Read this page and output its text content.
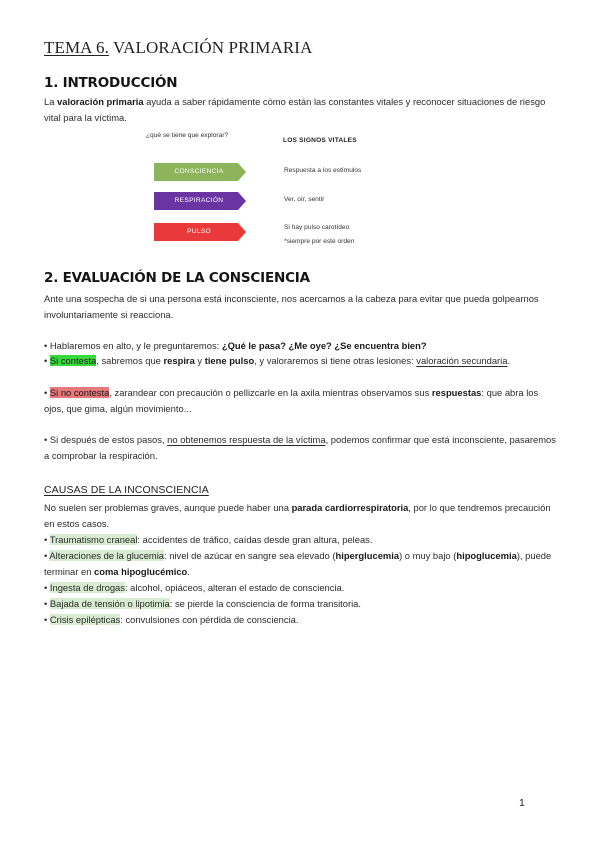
TEMA 6. VALORACIÓN PRIMARIA
1. INTRODUCCIÓN

La valoración primaria ayuda a saber rápidamente cómo están las constantes vitales y reconocer situaciones de riesgo vital para la víctima.

¿qué se tiene que explorar?
LOS SIGNOS VITALES
CONSCIENCIA	Respuesta a los estímulos
RESPIRACIÓN	Ver, oír, sentir
PULSO
Si hay pulso carotídeo
*siempre por este orden
2. EVALUACIÓN DE LA CONSCIENCIA

Ante una sospecha de si una persona está inconsciente, nos acercamos a la cabeza para evitar que pueda golpearnos involuntariamente si reacciona.

• Hablaremos en alto, y le preguntaremos: ¿Qué le pasa? ¿Me oye? ¿Se encuentra bien?

• Si contesta, sabremos que respira y tiene pulso, y valoraremos si tiene otras lesiones: valoración secundaria.

• Si no contesta, zarandear con precaución o pellizcarle en la axila mientras observamos sus respuestas: que abra los ojos, que gima, algún movimiento...

• Si después de estos pasos, no obtenemos respuesta de la víctima, podemos confirmar que está inconsciente, pasaremos a comprobar la respiración.

CAUSAS DE LA INCONSCIENCIA

No suelen ser problemas graves, aunque puede haber una parada cardiorrespiratoria, por lo que tendremos precaución en estos casos.

• Traumatismo craneal: accidentes de tráfico, caídas desde gran altura, peleas.

• Alteraciones de la glucemia: nivel de azúcar en sangre sea elevado (hiperglucemia) o muy bajo (hipoglucemia), puede terminar en coma hipoglucémico.

• Ingesta de drogas: alcohol, opiáceos, alteran el estado de consciencia.

• Bajada de tensión o lipotimia: se pierde la consciencia de forma transitoria.

• Crisis epilépticas: convulsiones con pérdida de consciencia.

1
